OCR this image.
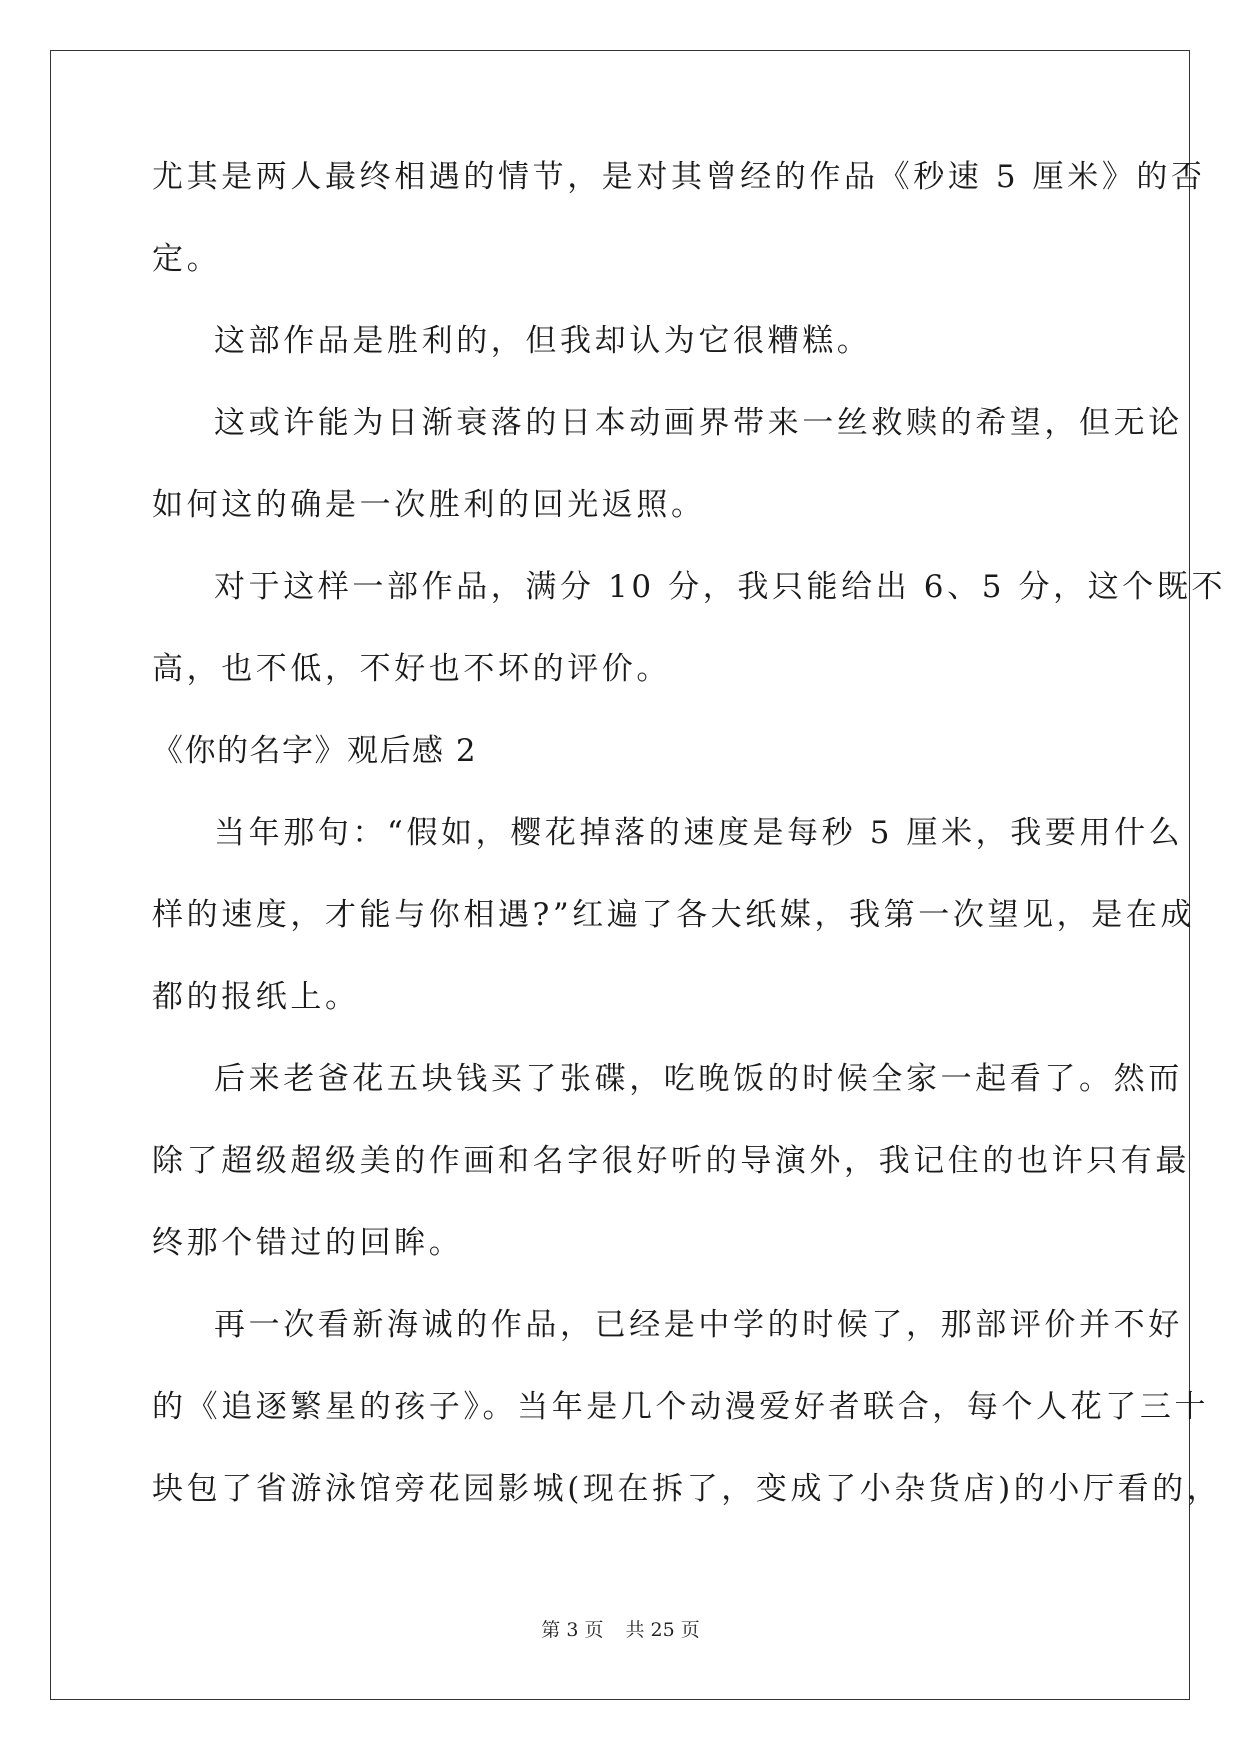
尤其是两人最终相遇的情节，是对其曾经的作品《秒速 5 厘米》的否
定。
这部作品是胜利的，但我却认为它很糟糕。
这或许能为日渐衰落的日本动画界带来一丝救赎的希望，但无论
如何这的确是一次胜利的回光返照。
对于这样一部作品，满分 10 分，我只能给出 6、5 分，这个既不
高，也不低，不好也不坏的评价。
《你的名字》观后感 2
当年那句：“假如，樱花掉落的速度是每秒 5 厘米，我要用什么
样的速度，才能与你相遇?”红遍了各大纸媒，我第一次望见，是在成
都的报纸上。
后来老爸花五块钱买了张碟，吃晚饭的时候全家一起看了。然而
除了超级超级美的作画和名字很好听的导演外，我记住的也许只有最
终那个错过的回眸。
再一次看新海诚的作品，已经是中学的时候了，那部评价并不好
的《追逐繁星的孩子》。当年是几个动漫爱好者联合，每个人花了三十
块包了省游泳馆旁花园影城(现在拆了，变成了小杂货店)的小厅看的，
第 3 页 共 25 页
